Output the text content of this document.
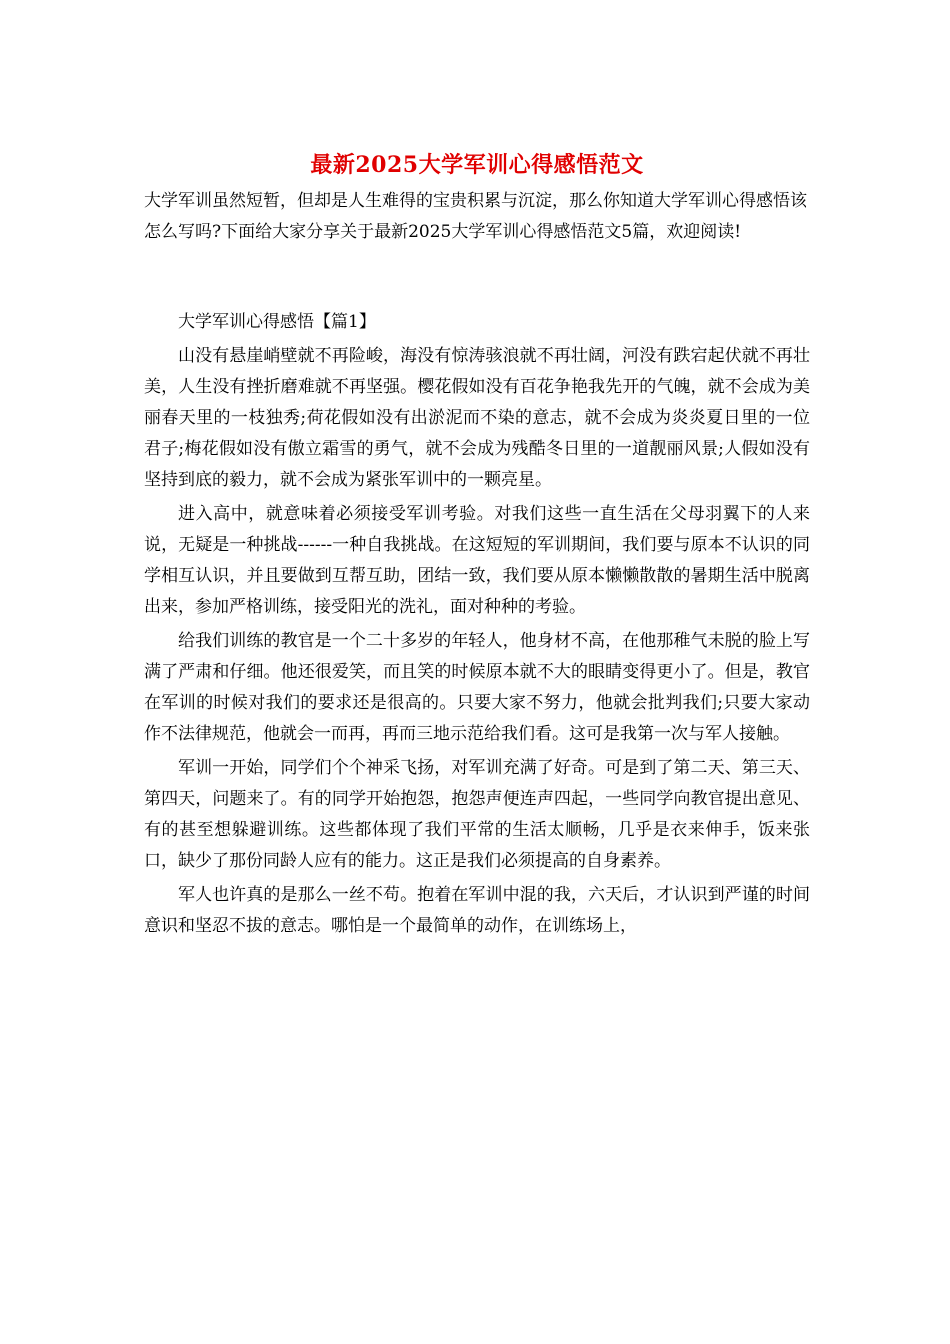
最新2025大学军训心得感悟范文

大学军训虽然短暂，但却是人生难得的宝贵积累与沉淀，那么你知道大学军训心得感悟该怎么写吗?下面给大家分享关于最新2025大学军训心得感悟范文5篇，欢迎阅读!

大学军训心得感悟【篇1】

山没有悬崖峭壁就不再险峻，海没有惊涛骇浪就不再壮阔，河没有跌宕起伏就不再壮美，人生没有挫折磨难就不再坚强。樱花假如没有百花争艳我先开的气魄，就不会成为美丽春天里的一枝独秀;荷花假如没有出淤泥而不染的意志，就不会成为炎炎夏日里的一位君子;梅花假如没有傲立霜雪的勇气，就不会成为残酷冬日里的一道靓丽风景;人假如没有坚持到底的毅力，就不会成为紧张军训中的一颗亮星。

进入高中，就意味着必须接受军训考验。对我们这些一直生活在父母羽翼下的人来说，无疑是一种挑战------一种自我挑战。在这短短的军训期间，我们要与原本不认识的同学相互认识，并且要做到互帮互助，团结一致，我们要从原本懒懒散散的暑期生活中脱离出来，参加严格训练，接受阳光的洗礼，面对种种的考验。

给我们训练的教官是一个二十多岁的年轻人，他身材不高，在他那稚气未脱的脸上写满了严肃和仔细。他还很爱笑，而且笑的时候原本就不大的眼睛变得更小了。但是，教官在军训的时候对我们的要求还是很高的。只要大家不努力，他就会批判我们;只要大家动作不法律规范，他就会一而再，再而三地示范给我们看。这可是我第一次与军人接触。

军训一开始，同学们个个神采飞扬，对军训充满了好奇。可是到了第二天、第三天、第四天，问题来了。有的同学开始抱怨，抱怨声便连声四起，一些同学向教官提出意见、有的甚至想躲避训练。这些都体现了我们平常的生活太顺畅，几乎是衣来伸手，饭来张口，缺少了那份同龄人应有的能力。这正是我们必须提高的自身素养。

军人也许真的是那么一丝不苟。抱着在军训中混的我，六天后，才认识到严谨的时间意识和坚忍不拔的意志。哪怕是一个最简单的动作，在训练场上，
